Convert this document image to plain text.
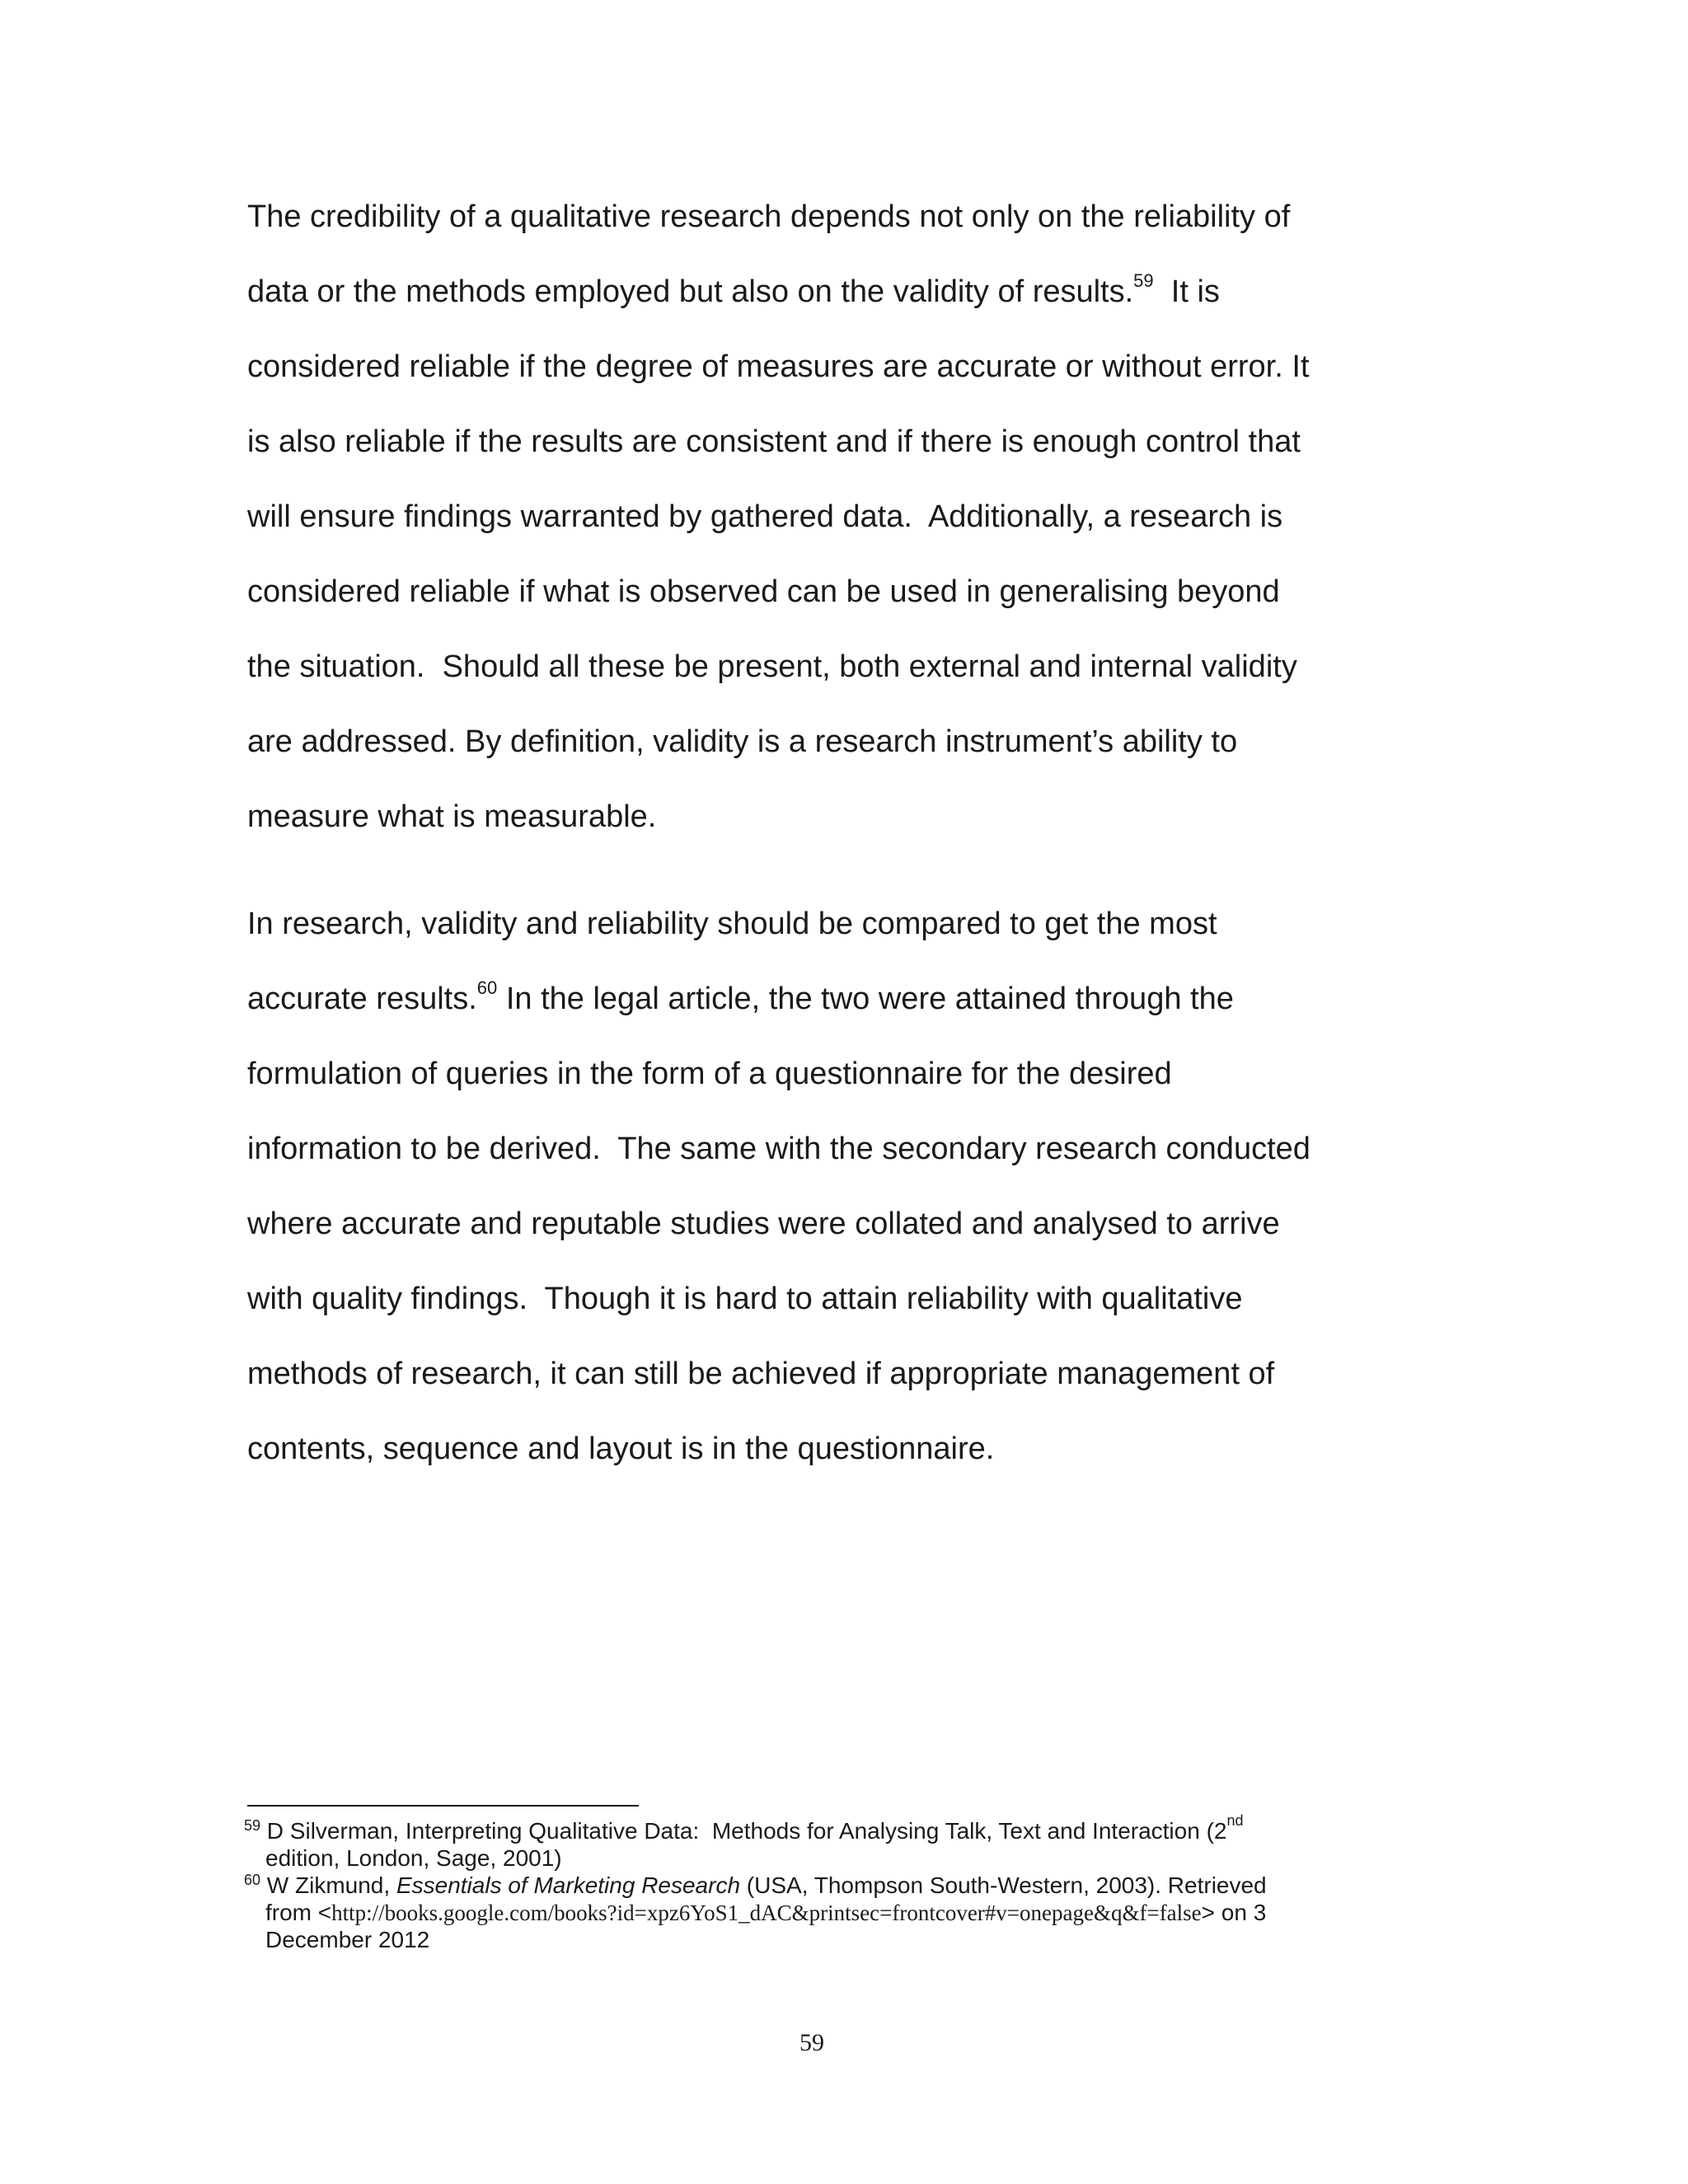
The credibility of a qualitative research depends not only on the reliability of
data or the methods employed but also on the validity of results.$^{59}$  It is
considered reliable if the degree of measures are accurate or without error. It
is also reliable if the results are consistent and if there is enough control that
will ensure findings warranted by gathered data.  Additionally, a research is
considered reliable if what is observed can be used in generalising beyond
the situation.  Should all these be present, both external and internal validity
are addressed. By definition, validity is a research instrument’s ability to
measure what is measurable.
In research, validity and reliability should be compared to get the most
accurate results.$^{60}$ In the legal article, the two were attained through the
formulation of queries in the form of a questionnaire for the desired
information to be derived.  The same with the secondary research conducted
where accurate and reputable studies were collated and analysed to arrive
with quality findings.  Though it is hard to attain reliability with qualitative
methods of research, it can still be achieved if appropriate management of
contents, sequence and layout is in the questionnaire.
$^{59}$ D Silverman, Interpreting Qualitative Data:  Methods for Analysing Talk, Text and Interaction (2nd
edition, London, Sage, 2001)
$^{60}$ W Zikmund, Essentials of Marketing Research (USA, Thompson South-Western, 2003). Retrieved
from <http://books.google.com/books?id=xpz6YoS1_dAC&printsec=frontcover#v=onepage&q&f=false> on 3
December 2012
59
